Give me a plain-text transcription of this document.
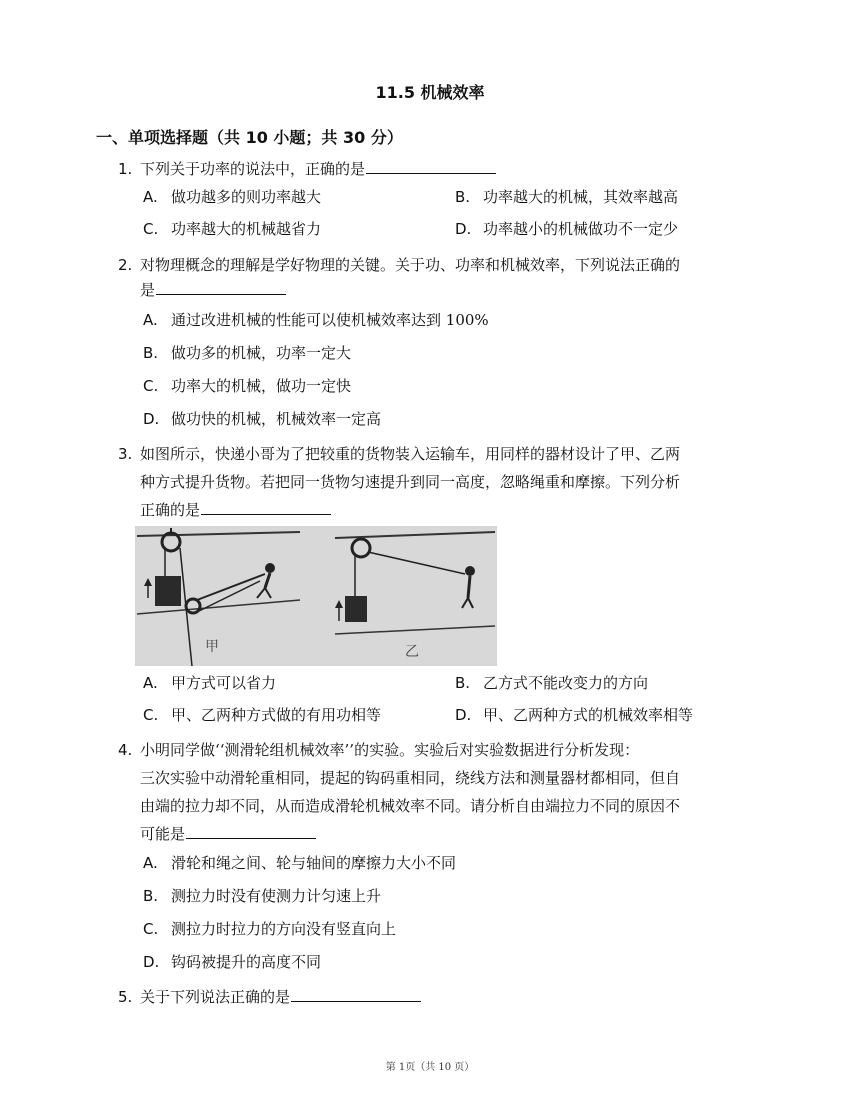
11.5 机械效率
一、单项选择题（共 10 小题；共 30 分）
1. 下列关于功率的说法中，正确的是
A. 做功越多的则功率越大	B. 功率越大的机械，其效率越高
C. 功率越大的机械越省力	D. 功率越小的机械做功不一定少
2. 对物理概念的理解是学好物理的关键。关于功、功率和机械效率，下列说法正确的
是
A. 通过改进机械的性能可以使机械效率达到 100%
B. 做功多的机械，功率一定大
C. 功率大的机械，做功一定快
D. 做功快的机械，机械效率一定高
3. 如图所示，快递小哥为了把较重的货物装入运输车，用同样的器材设计了甲、乙两
种方式提升货物。若把同一货物匀速提升到同一高度，忽略绳重和摩擦。下列分析
正确的是
甲	乙
A. 甲方式可以省力	B. 乙方式不能改变力的方向
C. 甲、乙两种方式做的有用功相等	D. 甲、乙两种方式的机械效率相等
4. 小明同学做‘‘测滑轮组机械效率’’的实验。实验后对实验数据进行分析发现：
三次实验中动滑轮重相同，提起的钩码重相同，绕线方法和测量器材都相同，但自
由端的拉力却不同，从而造成滑轮机械效率不同。请分析自由端拉力不同的原因不
可能是
A. 滑轮和绳之间、轮与轴间的摩擦力大小不同
B. 测拉力时没有使测力计匀速上升
C. 测拉力时拉力的方向没有竖直向上
D. 钩码被提升的高度不同
5. 关于下列说法正确的是
第 1页（共 10 页）
